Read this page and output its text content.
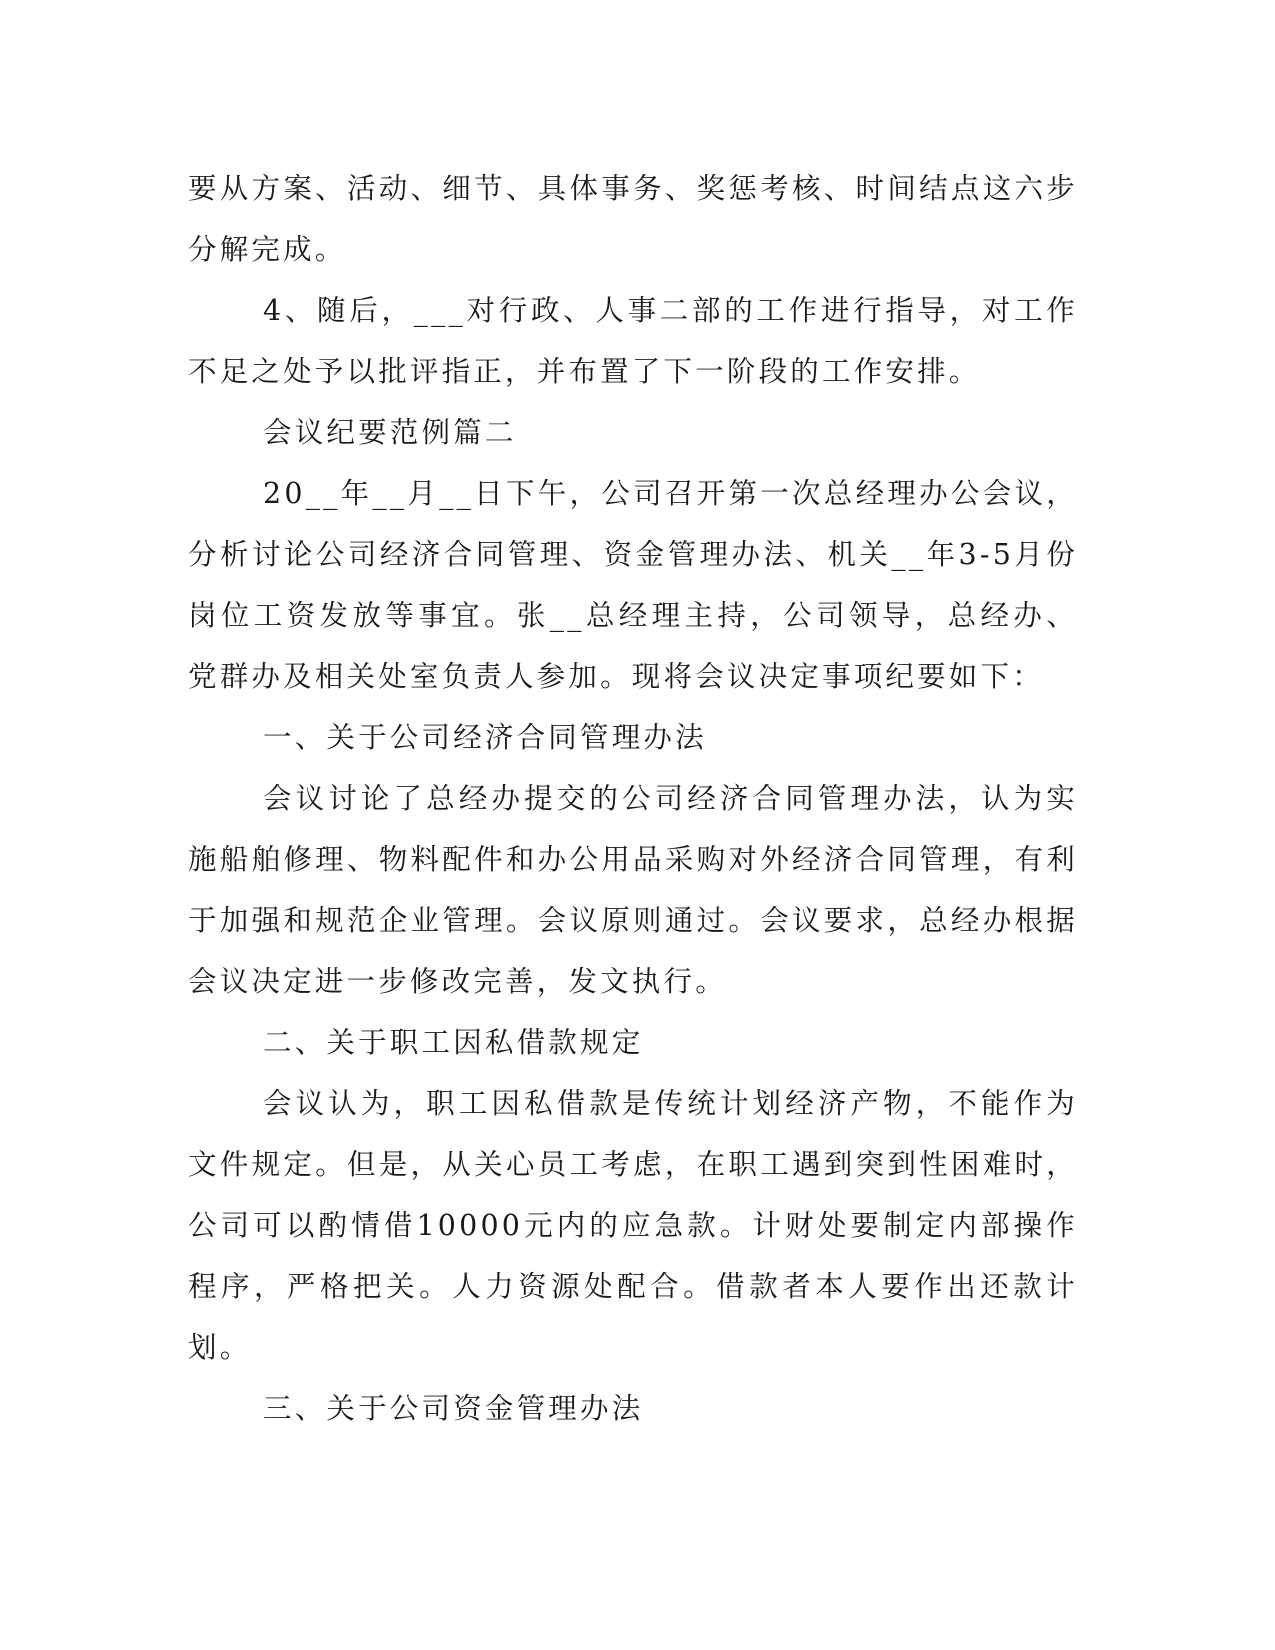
要从方案、活动、细节、具体事务、奖惩考核、时间结点这六步分解完成。

4、随后，___对行政、人事二部的工作进行指导，对工作不足之处予以批评指正，并布置了下一阶段的工作安排。

会议纪要范例篇二

20__年__月__日下午，公司召开第一次总经理办公会议，分析讨论公司经济合同管理、资金管理办法、机关__年3-5月份岗位工资发放等事宜。张__总经理主持，公司领导，总经办、党群办及相关处室负责人参加。现将会议决定事项纪要如下：

一、关于公司经济合同管理办法

会议讨论了总经办提交的公司经济合同管理办法，认为实施船舶修理、物料配件和办公用品采购对外经济合同管理，有利于加强和规范企业管理。会议原则通过。会议要求，总经办根据会议决定进一步修改完善，发文执行。

二、关于职工因私借款规定

会议认为，职工因私借款是传统计划经济产物，不能作为文件规定。但是，从关心员工考虑，在职工遇到突到性困难时，公司可以酌情借10000元内的应急款。计财处要制定内部操作程序，严格把关。人力资源处配合。借款者本人要作出还款计划。

三、关于公司资金管理办法
